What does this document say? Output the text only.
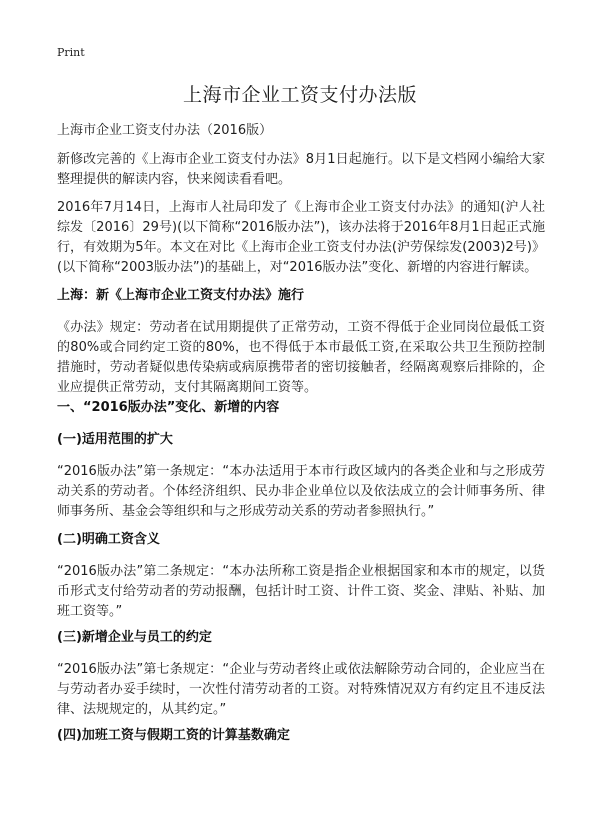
Print
上海市企业工资支付办法版

上海市企业工资支付办法（2016版）

新修改完善的《上海市企业工资支付办法》8月1日起施行。以下是文档网小编给大家整理提供的解读内容，快来阅读看看吧。

2016年7月14日，上海市人社局印发了《上海市企业工资支付办法》的通知(沪人社综发〔2016〕29号)(以下简称“2016版办法”)，该办法将于2016年8月1日起正式施行，有效期为5年。本文在对比《上海市企业工资支付办法(沪劳保综发(2003)2号)》(以下简称“2003版办法”)的基础上，对“2016版办法”变化、新增的内容进行解读。

上海：新《上海市企业工资支付办法》施行

《办法》规定：劳动者在试用期提供了正常劳动，工资不得低于企业同岗位最低工资的80%或合同约定工资的80%，也不得低于本市最低工资,在采取公共卫生预防控制措施时，劳动者疑似患传染病或病原携带者的密切接触者，经隔离观察后排除的，企业应提供正常劳动，支付其隔离期间工资等。

一、“2016版办法”变化、新增的内容
(一)适用范围的扩大

“2016版办法”第一条规定：“本办法适用于本市行政区域内的各类企业和与之形成劳动关系的劳动者。个体经济组织、民办非企业单位以及依法成立的会计师事务所、律师事务所、基金会等组织和与之形成劳动关系的劳动者参照执行。”

(二)明确工资含义

“2016版办法”第二条规定：“本办法所称工资是指企业根据国家和本市的规定，以货币形式支付给劳动者的劳动报酬，包括计时工资、计件工资、奖金、津贴、补贴、加班工资等。”

(三)新增企业与员工的约定

“2016版办法”第七条规定：“企业与劳动者终止或依法解除劳动合同的，企业应当在与劳动者办妥手续时，一次性付清劳动者的工资。对特殊情况双方有约定且不违反法律、法规规定的，从其约定。”

(四)加班工资与假期工资的计算基数确定
